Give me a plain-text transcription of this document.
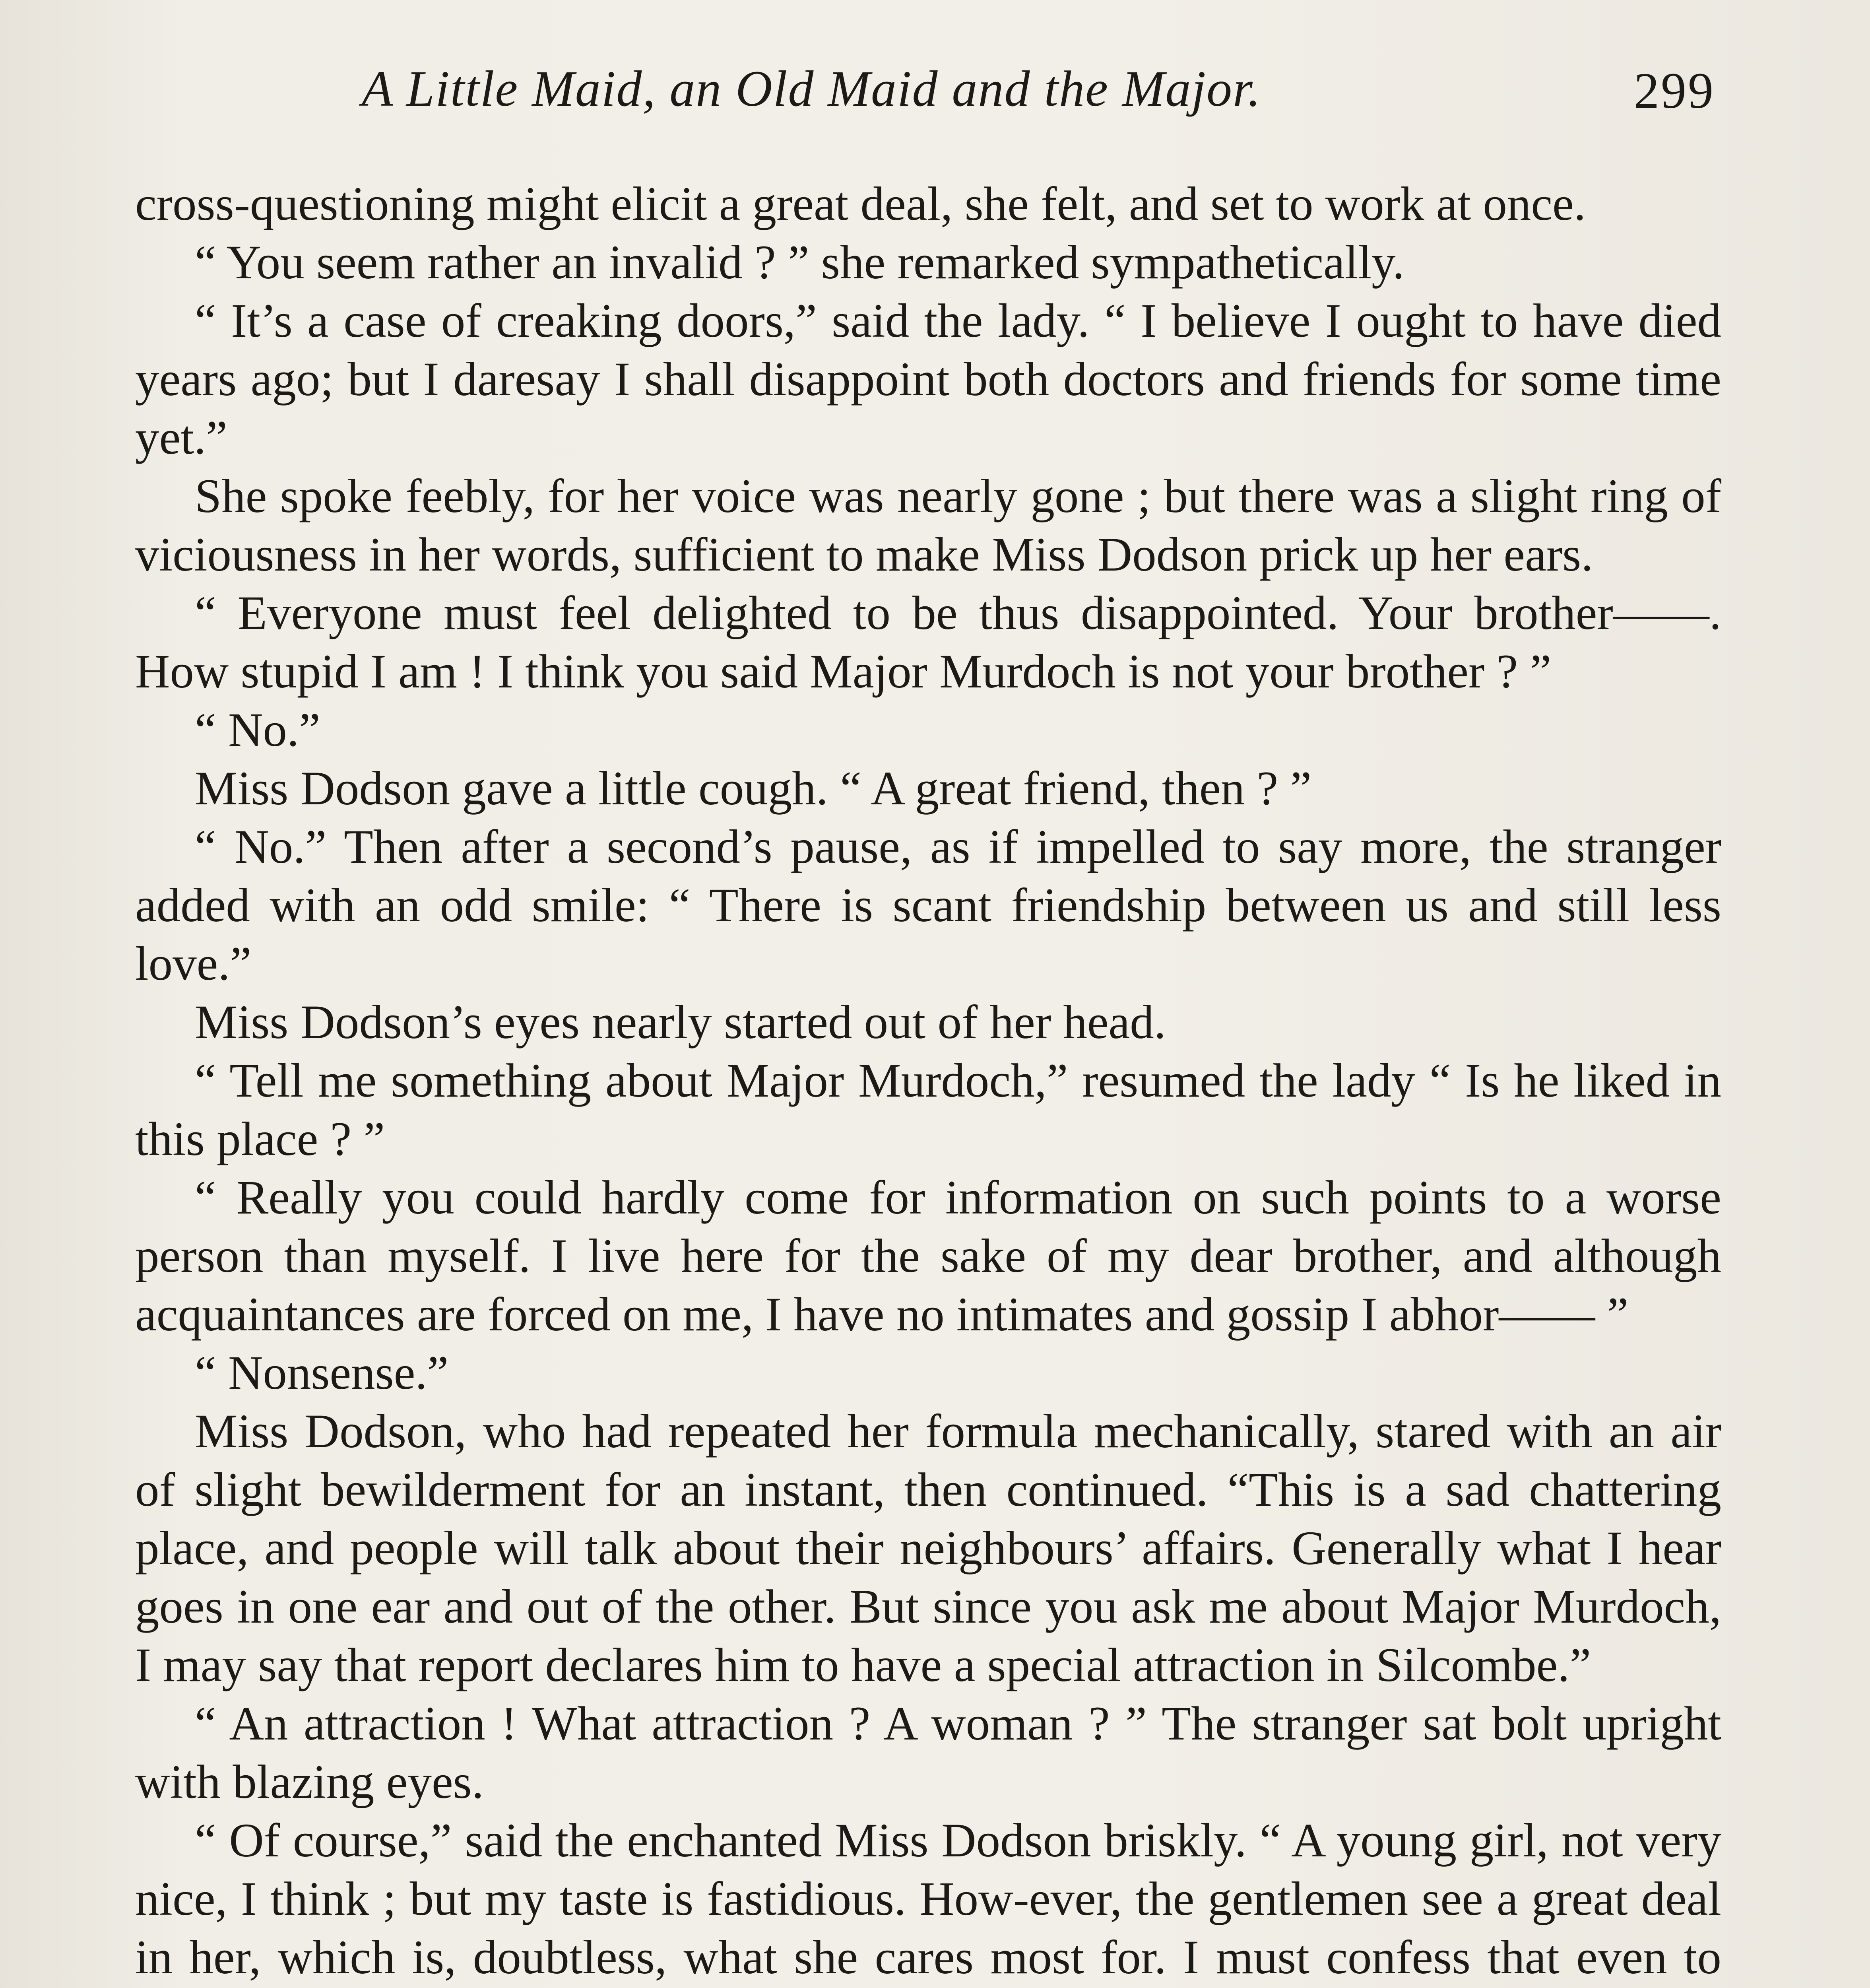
A Little Maid, an Old Maid and the Major.	299

cross-questioning might elicit a great deal, she felt, and set to work at once.

“ You seem rather an invalid ? ” she remarked sympathetically.

“ It’s a case of creaking doors,” said the lady. “ I believe I ought to have died years ago; but I daresay I shall disappoint both doctors and friends for some time yet.”

She spoke feebly, for her voice was nearly gone ; but there was a slight ring of viciousness in her words, sufficient to make Miss Dodson prick up her ears.

“ Everyone must feel delighted to be thus disappointed. Your brother——. How stupid I am ! I think you said Major Murdoch is not your brother ? ”

“ No.”

Miss Dodson gave a little cough. “ A great friend, then ? ”

“ No.” Then after a second’s pause, as if impelled to say more, the stranger added with an odd smile: “ There is scant friendship between us and still less love.”

Miss Dodson’s eyes nearly started out of her head.

“ Tell me something about Major Murdoch,” resumed the lady “ Is he liked in this place ? ”

“ Really you could hardly come for information on such points to a worse person than myself. I live here for the sake of my dear brother, and although acquaintances are forced on me, I have no intimates and gossip I abhor—— ”

“ Nonsense.”

Miss Dodson, who had repeated her formula mechanically, stared with an air of slight bewilderment for an instant, then continued. “This is a sad chattering place, and people will talk about their neighbours’ affairs. Generally what I hear goes in one ear and out of the other. But since you ask me about Major Murdoch, I may say that report declares him to have a special attraction in Silcombe.”

“ An attraction ! What attraction ? A woman ? ” The stranger sat bolt upright with blazing eyes.

“ Of course,” said the enchanted Miss Dodson briskly. “ A young girl, not very nice, I think ; but my taste is fastidious. How-ever, the gentlemen see a great deal in her, which is, doubtless, what she cares most for. I must confess that even to
